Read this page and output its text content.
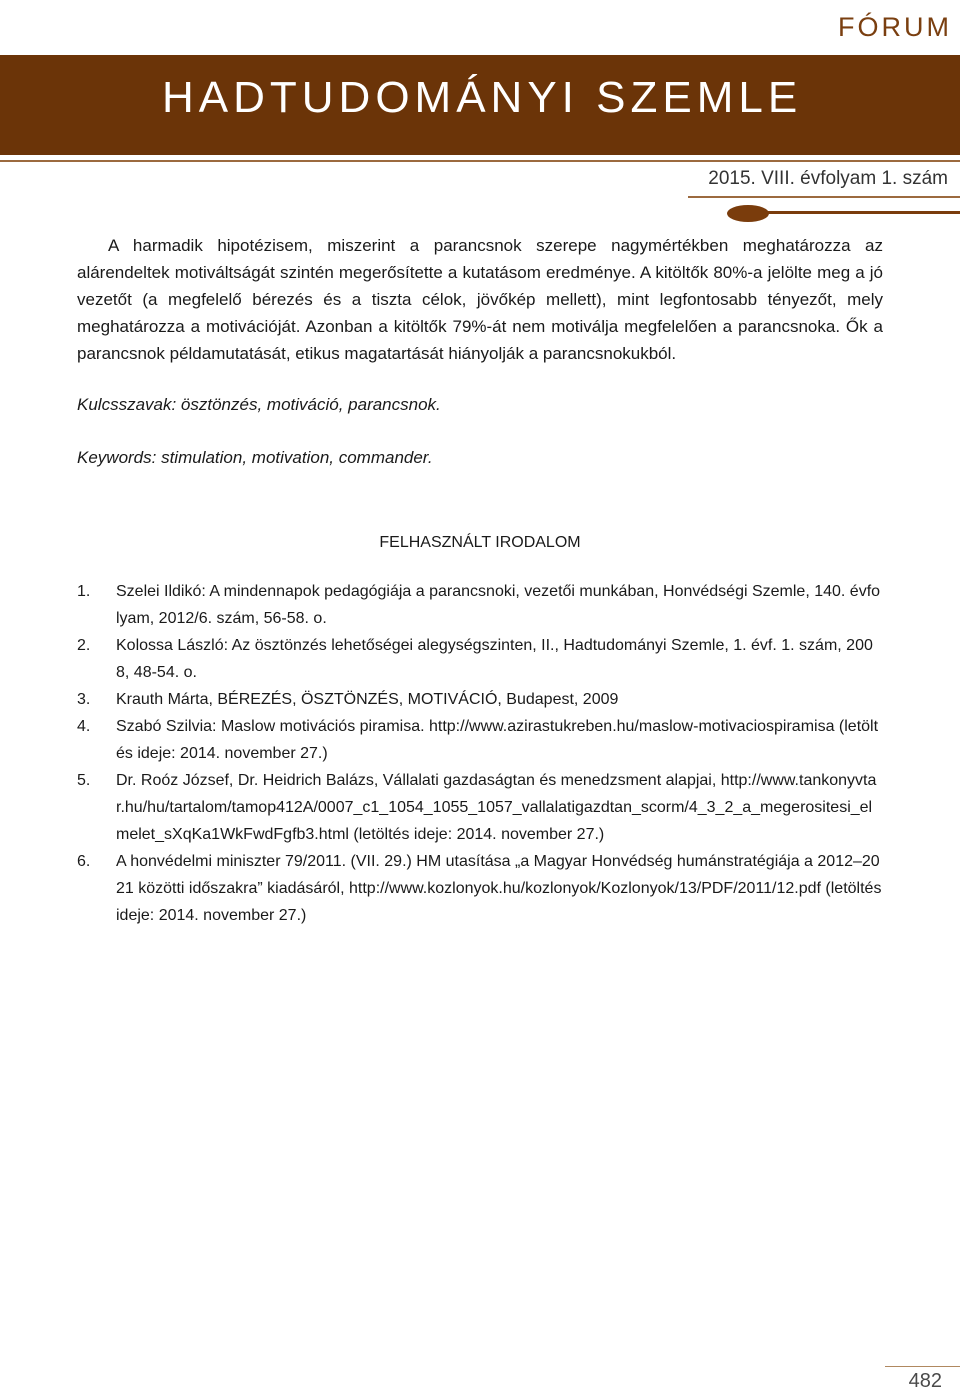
FÓRUM
HADTUDOMÁNYI SZEMLE
2015. VIII. évfolyam 1. szám

A harmadik hipotézisem, miszerint a parancsnok szerepe nagymértékben meghatározza az alárendeltek motiváltságát szintén megerősítette a kutatásom eredménye. A kitöltők 80%-a jelölte meg a jó vezetőt (a megfelelő bérezés és a tiszta célok, jövőkép mellett), mint legfontosabb tényezőt, mely meghatározza a motivációját. Azonban a kitöltők 79%-át nem motiválja megfelelően a parancsnoka. Ők a parancsnok példamutatását, etikus magatartását hiányolják a parancsnokukból.

Kulcsszavak: ösztönzés, motiváció, parancsnok.

Keywords: stimulation, motivation, commander.

FELHASZNÁLT IRODALOM
1.	Szelei Ildikó: A mindennapok pedagógiája a parancsnoki, vezetői munkában, Honvédségi Szemle, 140. évfolyam, 2012/6. szám, 56-58. o.
2.	Kolossa László: Az ösztönzés lehetőségei alegységszinten, II., Hadtudományi Szemle, 1. évf. 1. szám, 2008, 48-54. o.
3.	Krauth Márta, BÉREZÉS, ÖSZTÖNZÉS, MOTIVÁCIÓ, Budapest, 2009
4.	Szabó Szilvia: Maslow motivációs piramisa. http://www.azirastukreben.hu/maslow-motivaciospiramisa (letöltés ideje: 2014. november 27.)
5.	Dr. Roóz József, Dr. Heidrich Balázs, Vállalati gazdaságtan és menedzsment alapjai, http://www.tankonyvtar.hu/hu/tartalom/tamop412A/0007_c1_1054_1055_1057_vallalatigazdtan_scorm/4_3_2_a_megerositesi_elmelet_sXqKa1WkFwdFgfb3.html (letöltés ideje: 2014. november 27.)
6.	A honvédelmi miniszter 79/2011. (VII. 29.) HM utasítása „a Magyar Honvédség humánstratégiája a 2012–2021 közötti időszakra” kiadásáról, http://www.kozlonyok.hu/kozlonyok/Kozlonyok/13/PDF/2011/12.pdf (letöltés ideje: 2014. november 27.)
482
